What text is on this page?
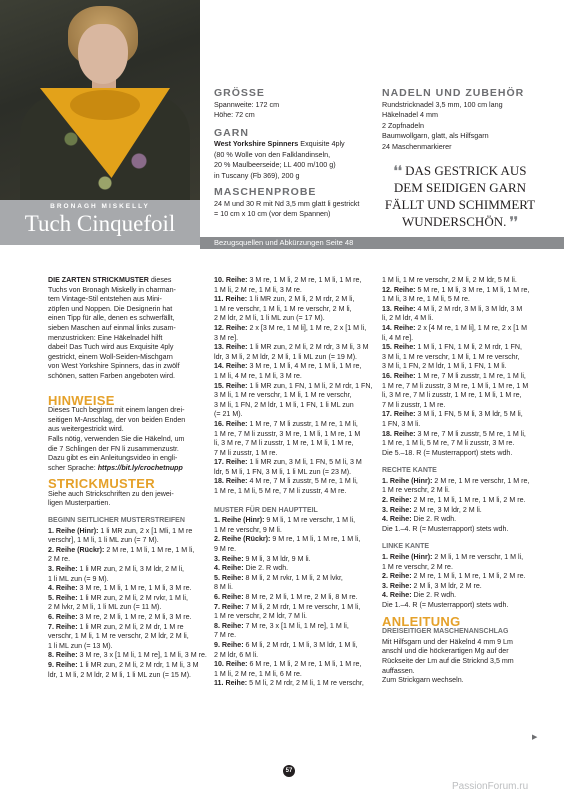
BRONAGH MISKELLY
Tuch Cinquefoil
Bezugsquellen und Abkürzungen Seite 48
GRÖSSE
Spannweite: 172 cm
Höhe: 72 cm
GARN
West Yorkshire Spinners Exquisite 4ply
(80 % Wolle von den Falklandinseln,
20 % Maulbeerseide; LL 400 m/100 g)
in Tuscany (Fb 369), 200 g
MASCHENPROBE
24 M und 30 R mit Nd 3,5 mm glatt li gestrickt
= 10 cm x 10 cm (vor dem Spannen)
NADELN UND ZUBEHÖR
Rundstricknadel 3,5 mm, 100 cm lang
Häkelnadel 4 mm
2 Zopfnadeln
Baumwollgarn, glatt, als Hilfsgarn
24 Maschenmarkierer
❛❛ DAS GESTRICK AUS DEM SEIDIGEN GARN FÄLLT UND SCHIMMERT WUNDERSCHÖN. ❜❜

DIE ZARTEN STRICKMUSTER dieses

Tuchs von Bronagh Miskelly in charman-

tem Vintage-Stil entstehen aus Mini-

zöpfen und Noppen. Die Designerin hat

einen Tipp für alle, denen es schwerfällt,

sieben Maschen auf einmal links zusam-

menzustricken: Eine Häkelnadel hilft

dabei! Das Tuch wird aus Exquisite 4ply

gestrickt, einem Woll-Seiden-Mischgarn

von West Yorkshire Spinners, das in zwölf

schönen, satten Farben angeboten wird.

HINWEISE

Dieses Tuch beginnt mit einem langen drei-

seitigen M-Anschlag, der von beiden Enden

aus weitergestrickt wird.

Falls nötig, verwenden Sie die Häkelnd, um

die 7 Schlingen der FN li zusammenzustr.

Dazu gibt es ein Anleitungsvideo in engli-

scher Sprache: https://bit.ly/crochetnupp

STRICKMUSTER

Siehe auch Strickschriften zu den jewei-

ligen Musterpartien.

BEGINN SEITLICHER MUSTERSTREIFEN

1. Reihe (Hinr): 1 li MR zun, 2 x [1 Mli, 1 M re

verschr], 1 M li, 1 li ML zun (= 7 M).

2. Reihe (Rückr): 2 M re, 1 M li, 1 M re, 1 M li,

2 M re.

3. Reihe: 1 li MR zun, 2 M li, 3 M ldr, 2 M li,

1 li ML zun (= 9 M).

4. Reihe: 3 M re, 1 M li, 1 M re, 1 M li, 3 M re.

5. Reihe: 1 li MR zun, 2 M li, 2 M rvkr, 1 M li,

2 M lvkr, 2 M li, 1 li ML zun (= 11 M).

6. Reihe: 3 M re, 2 M li, 1 M re, 2 M li, 3 M re.

7. Reihe: 1 li MR zun, 2 M li, 2 M dr, 1 M re

verschr, 1 M li, 1 M re verschr, 2 M ldr, 2 M li,

1 li ML zun (= 13 M).

8. Reihe: 3 M re, 3 x [1 M li, 1 M re], 1 M li, 3 M re.

9. Reihe: 1 li MR zun, 2 M li, 2 M rdr, 1 M li, 3 M

ldr, 1 M li, 2 M ldr, 2 M li, 1 li ML zun (= 15 M).

10. Reihe: 3 M re, 1 M li, 2 M re, 1 M li, 1 M re,

1 M li, 2 M re, 1 M li, 3 M re.

11. Reihe: 1 li MR zun, 2 M li, 2 M rdr, 2 M li,

1 M re verschr, 1 M li, 1 M re verschr, 2 M li,

2 M ldr, 2 M li, 1 li ML zun (= 17 M).

12. Reihe: 2 x [3 M re, 1 M li], 1 M re, 2 x [1 M li,

3 M re].

13. Reihe: 1 li MR zun, 2 M li, 2 M rdr, 3 M li, 3 M

ldr, 3 M li, 2 M ldr, 2 M li, 1 li ML zun (= 19 M).

14. Reihe: 3 M re, 1 M li, 4 M re, 1 M li, 1 M re,

1 M li, 4 M re, 1 M li, 3 M re.

15. Reihe: 1 li MR zun, 1 FN, 1 M li, 2 M rdr, 1 FN,

3 M li, 1 M re verschr, 1 M li, 1 M re verschr,

3 M li, 1 FN, 2 M ldr, 1 M li, 1 FN, 1 li ML zun

(= 21 M).

16. Reihe: 1 M re, 7 M li zusstr, 1 M re, 1 M li,

1 M re, 7 M li zusstr, 3 M re, 1 M li, 1 M re, 1 M

li, 3 M re, 7 M li zusstr, 1 M re, 1 M li, 1 M re,

7 M li zusstr, 1 M re.

17. Reihe: 1 li MR zun, 3 M li, 1 FN, 5 M li, 3 M

ldr, 5 M li, 1 FN, 3 M li, 1 li ML zun (= 23 M).

18. Reihe: 4 M re, 7 M li zusstr, 5 M re, 1 M li,

1 M re, 1 M li, 5 M re, 7 M li zusstr, 4 M re.

MUSTER FÜR DEN HAUPTTEIL

1. Reihe (Hinr): 9 M li, 1 M re verschr, 1 M li,

1 M re verschr, 9 M li.

2. Reihe (Rückr): 9 M re, 1 M li, 1 M re, 1 M li,

9 M re.

3. Reihe: 9 M li, 3 M ldr, 9 M li.

4. Reihe: Die 2. R wdh.

5. Reihe: 8 M li, 2 M rvkr, 1 M li, 2 M lvkr,

8 M li.

6. Reihe: 8 M re, 2 M li, 1 M re, 2 M li, 8 M re.

7. Reihe: 7 M li, 2 M rdr, 1 M re verschr, 1 M li,

1 M re verschr, 2 M ldr, 7 M li.

8. Reihe: 7 M re, 3 x [1 M li, 1 M re], 1 M li,

7 M re.

9. Reihe: 6 M li, 2 M rdr, 1 M li, 3 M ldr, 1 M li,

2 M ldr, 6 M li.

10. Reihe: 6 M re, 1 M li, 2 M re, 1 M li, 1 M re,

1 M li, 2 M re, 1 M li, 6 M re.

11. Reihe: 5 M li, 2 M rdr, 2 M li, 1 M re verschr,

1 M li, 1 M re verschr, 2 M li, 2 M ldr, 5 M li.

12. Reihe: 5 M re, 1 M li, 3 M re, 1 M li, 1 M re,

1 M li, 3 M re, 1 M li, 5 M re.

13. Reihe: 4 M li, 2 M rdr, 3 M li, 3 M ldr, 3 M

li, 2 M ldr, 4 M li.

14. Reihe: 2 x [4 M re, 1 M li], 1 M re, 2 x [1 M

li, 4 M re].

15. Reihe: 1 M li, 1 FN, 1 M li, 2 M rdr, 1 FN,

3 M li, 1 M re verschr, 1 M li, 1 M re verschr,

3 M li, 1 FN, 2 M ldr, 1 M li, 1 FN, 1 M li.

16. Reihe: 1 M re, 7 M li zusstr, 1 M re, 1 M li,

1 M re, 7 M li zusstr, 3 M re, 1 M li, 1 M re, 1 M

li, 3 M re, 7 M li zusstr, 1 M re, 1 M li, 1 M re,

7 M li zusstr, 1 M re.

17. Reihe: 3 M li, 1 FN, 5 M li, 3 M ldr, 5 M li,

1 FN, 3 M li.

18. Reihe: 3 M re, 7 M li zusstr, 5 M re, 1 M li,

1 M re, 1 M li, 5 M re, 7 M li zusstr, 3 M re.

Die 5.–18. R (= Musterrapport) stets wdh.

RECHTE KANTE

1. Reihe (Hinr): 2 M re, 1 M re verschr, 1 M re,

1 M re verschr, 2 M li.

2. Reihe: 2 M re, 1 M li, 1 M re, 1 M li, 2 M re.

3. Reihe: 2 M re, 3 M ldr, 2 M li.

4. Reihe: Die 2. R wdh.

Die 1.–4. R (= Musterrapport) stets wdh.

LINKE KANTE

1. Reihe (Hinr): 2 M li, 1 M re verschr, 1 M li,

1 M re verschr, 2 M re.

2. Reihe: 2 M re, 1 M li, 1 M re, 1 M li, 2 M re.

3. Reihe: 2 M li, 3 M ldr, 2 M re.

4. Reihe: Die 2. R wdh.

Die 1.–4. R (= Musterrapport) stets wdh.

ANLEITUNG
DREISEITIGER MASCHENANSCHLAG

Mit Hilfsgarn und der Häkelnd 4 mm 9 Lm

anschl und die höckerartigen Mg auf der

Rückseite der Lm auf die Stricknd 3,5 mm

auffassen.

Zum Strickgarn wechseln.

▶
57
PassionForum.ru
